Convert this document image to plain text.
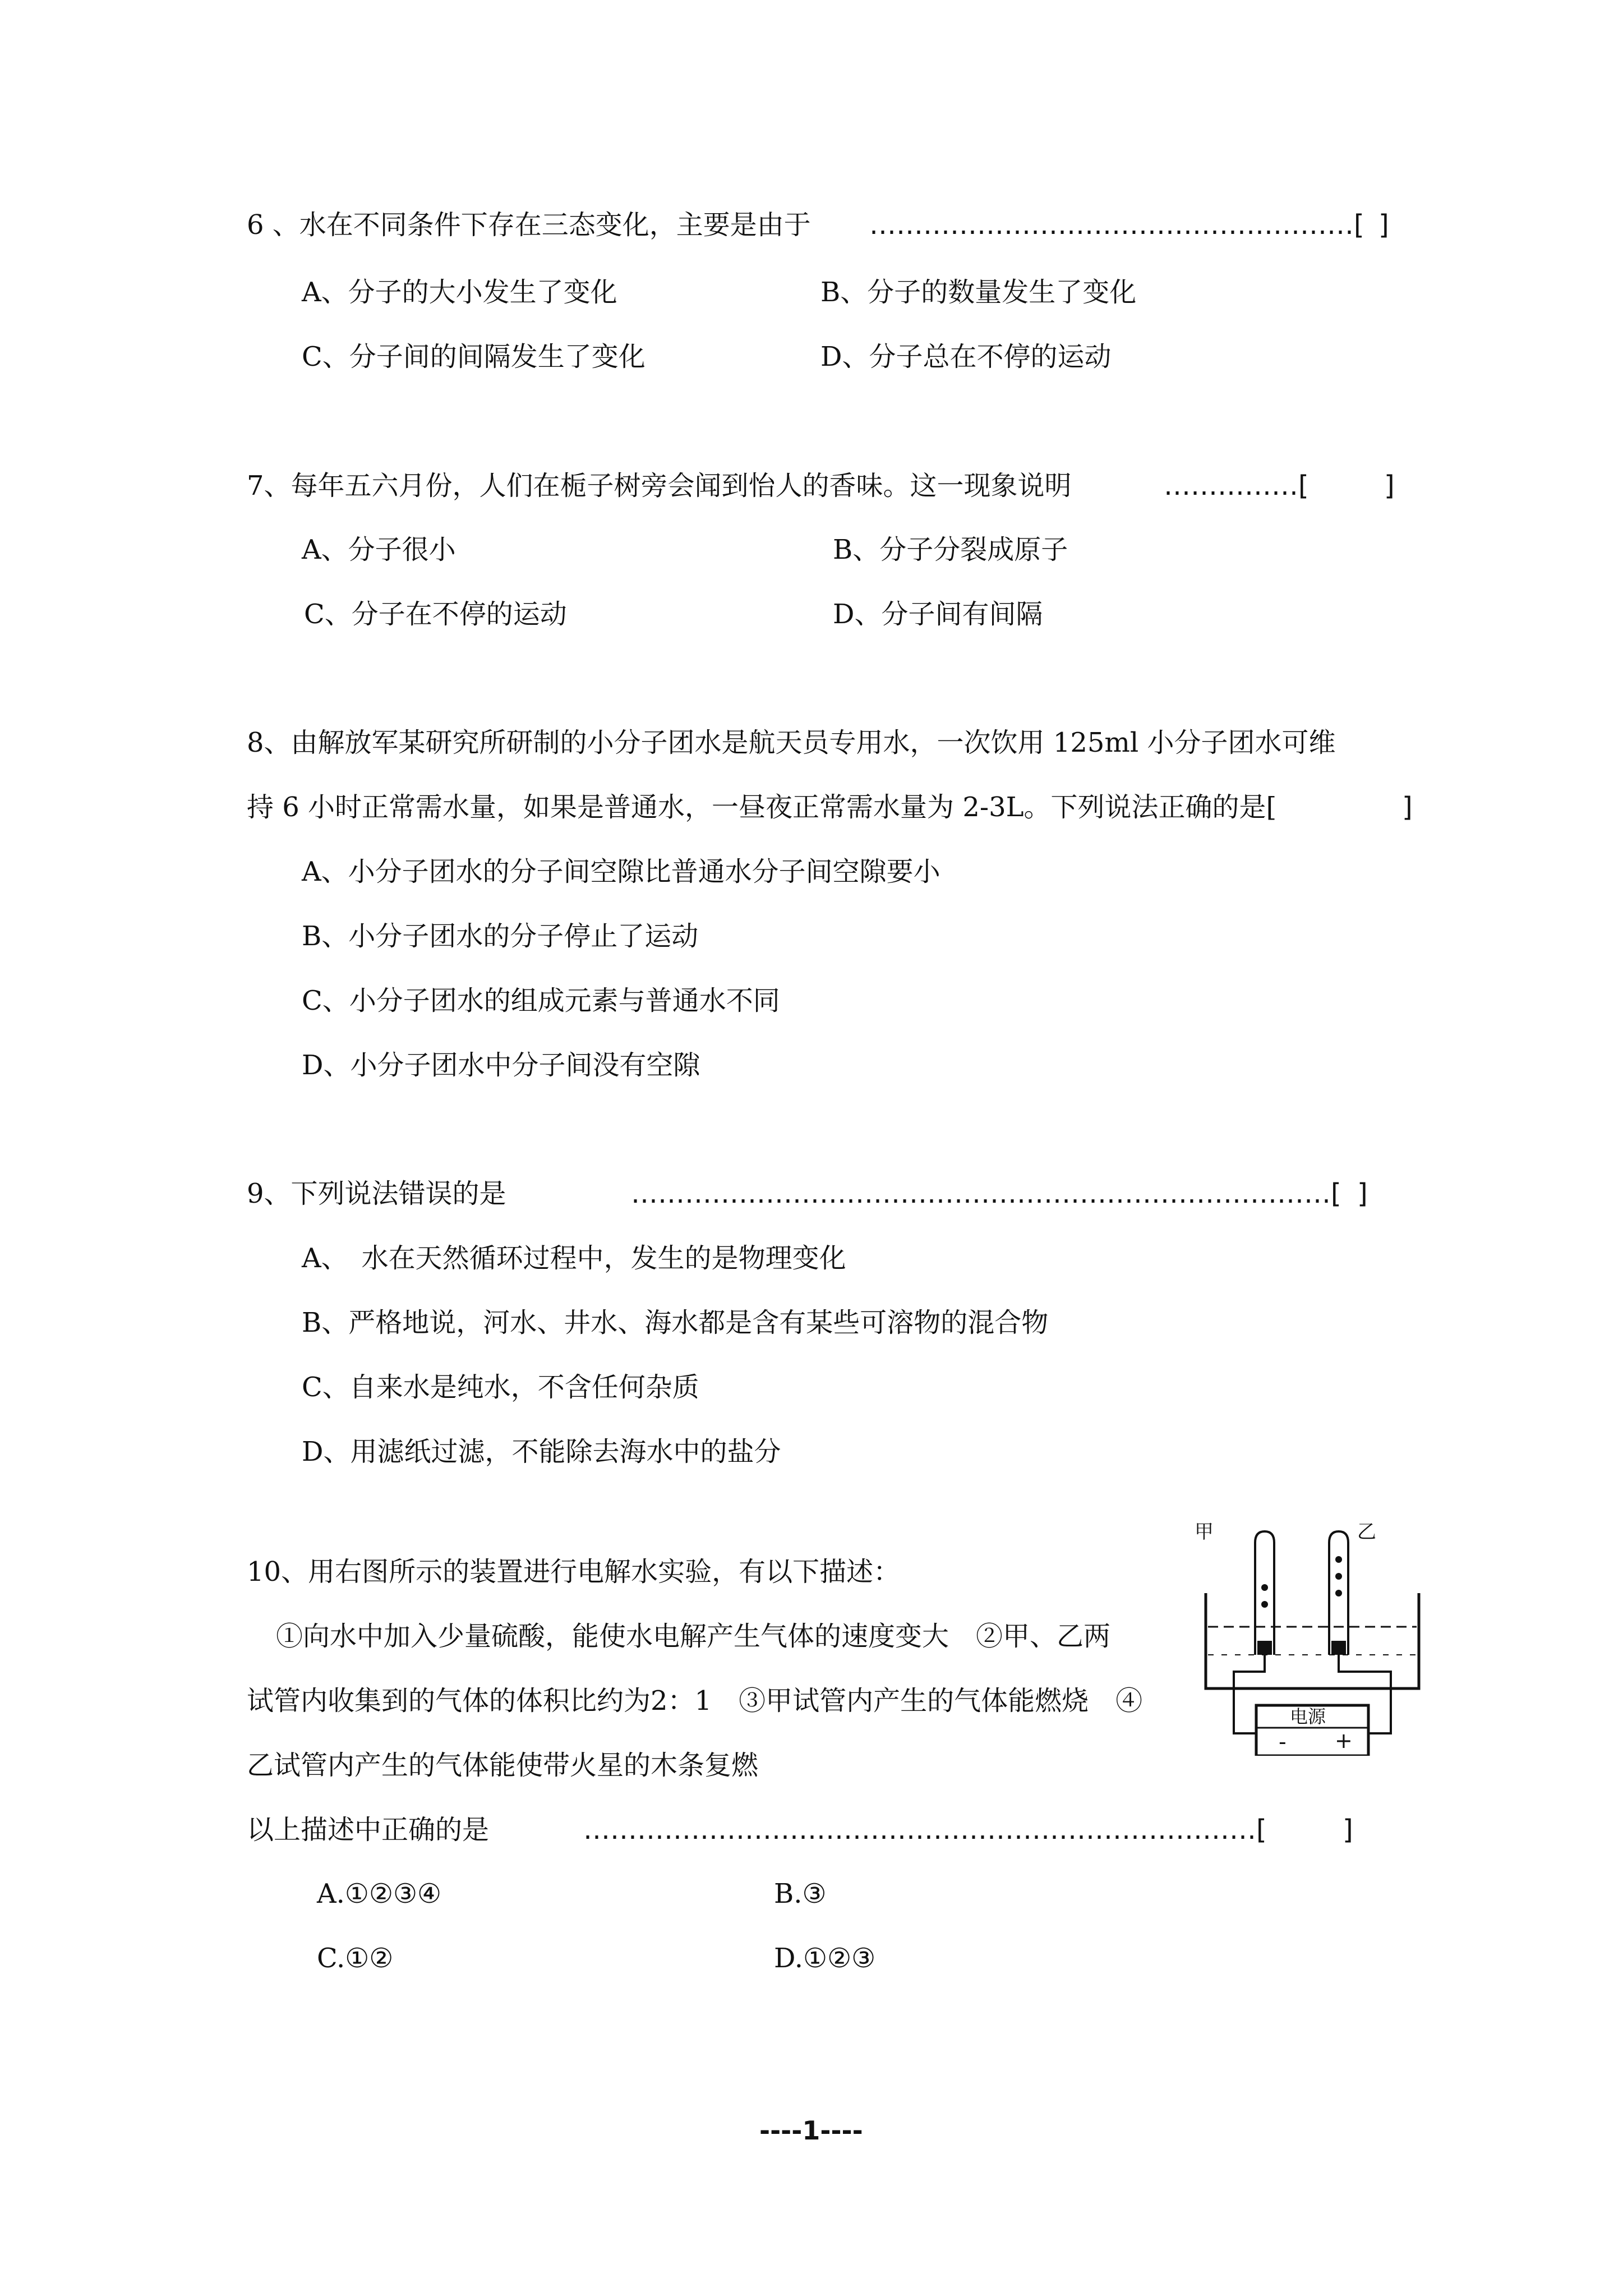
6 、水在不同条件下存在三态变化，主要是由于 ………………………………………………[ ]
A、分子的大小发生了变化	B、分子的数量发生了变化
C、分子间的间隔发生了变化	D、分子总在不停的运动
7、每年五六月份，人们在栀子树旁会闻到怡人的香味。这一现象说明	……………[	]
A、分子很小	B、分子分裂成原子
C、分子在不停的运动	D、分子间有间隔
8、由解放军某研究所研制的小分子团水是航天员专用水，一次饮用 125ml 小分子团水可维
持 6 小时正常需水量，如果是普通水，一昼夜正常需水量为 2-3L。下列说法正确的是[	]
A、小分子团水的分子间空隙比普通水分子间空隙要小
B、小分子团水的分子停止了运动
C、小分子团水的组成元素与普通水不同
D、小分子团水中分子间没有空隙
9、下列说法错误的是	……………………………………………………………………[ ]
A、　水在天然循环过程中，发生的是物理变化
B、严格地说，河水、井水、海水都是含有某些可溶物的混合物
C、自来水是纯水，不含任何杂质
D、用滤纸过滤，不能除去海水中的盐分
10、用右图所示的装置进行电解水实验，有以下描述：
①向水中加入少量硫酸，能使水电解产生气体的速度变大　②甲、乙两
试管内收集到的气体的体积比约为2：1　③甲试管内产生的气体能燃烧　④
乙试管内产生的气体能使带火星的木条复燃
以上描述中正确的是	…………………………………………………………………[	]
A.①②③④	B.③
C.①②	D.①②③
甲	乙
电源
- +
----1----
